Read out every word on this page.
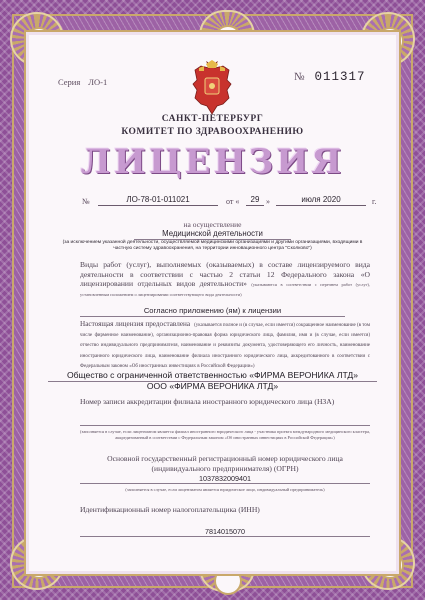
Серия ЛО-1	№ 011317
САНКТ-ПЕТЕРБУРГ
КОМИТЕТ ПО ЗДРАВООХРАНЕНИЮ
ЛИЦЕНЗИЯ
№	ЛО-78-01-011021	от «	29 »	июля 2020	г.
на осуществление
Медицинской деятельности
(за исключением указанной деятельности, осуществляемой медицинскими организациями и другими организациями, входящими в частную систему здравоохранения, на территории инновационного центра "Сколково")
Виды работ (услуг), выполняемых (оказываемых) в составе лицензируемого вида деятельности в соответствии с частью 2 статьи 12 Федерального закона «О лицензировании отдельных видов деятельности» (указываются в соответствии с перечнем работ (услуг), установленным положением о лицензировании соответствующего вида деятельности)
Согласно приложению (ям) к лицензии
Настоящая лицензия предоставлена (указывается полное и (в случае, если имеется) сокращенное наименование (в том числе фирменное наименование), организационно-правовая форма юридического лица, фамилия, имя и (в случае, если имеется) отчество индивидуального предпринимателя, наименование и реквизиты документа, удостоверяющего его личность, наименование иностранного юридического лица, наименование филиала иностранного юридического лица, аккредитованного в соответствии с Федеральным законом «Об иностранных инвестициях в Российской Федерации»)
Общество с ограниченной ответственностью «ФИРМА ВЕРОНИКА ЛТД»
ООО «ФИРМА ВЕРОНИКА ЛТД»
Номер записи аккредитации филиала иностранного юридического лица (НЗА)
(заполняется в случае, если лицензиатом является филиал иностранного юридического лица - участника проекта международного медицинского кластера, аккредитованный в соответствии с Федеральным законом «Об иностранных инвестициях в Российской Федерации»)
Основной государственный регистрационный номер юридического лица (индивидуального предпринимателя) (ОГРН)
1037832009401
(заполняется в случае, если лицензиатом является юридическое лицо, индивидуальный предприниматель)
Идентификационный номер налогоплательщика (ИНН)
7814015070
